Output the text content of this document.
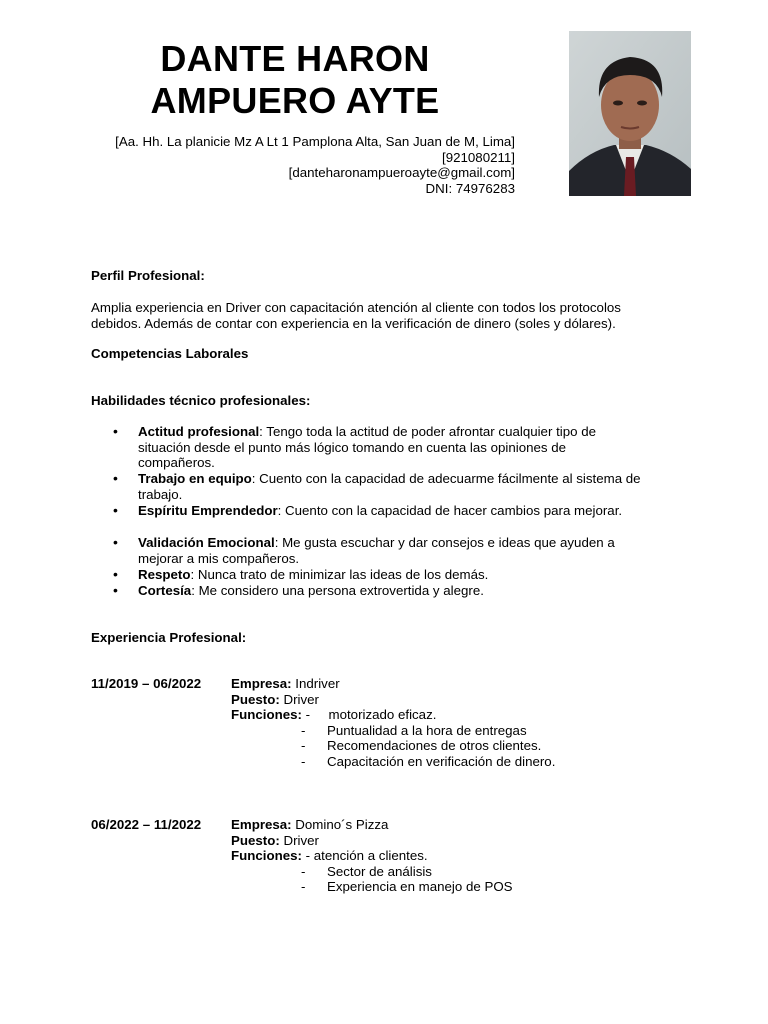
DANTE HARON
AMPUERO AYTE
[Aa. Hh. La planicie Mz A Lt 1 Pamplona Alta, San Juan de M, Lima]
[921080211]
[danteharonampueroayte@gmail.com]
DNI: 74976283
Perfil Profesional:
Amplia experiencia en Driver con capacitación atención al cliente con todos los protocolos
debidos. Además de contar con experiencia en la verificación de dinero (soles y dólares).
Competencias Laborales
Habilidades técnico profesionales:
• Actitud profesional: Tengo toda la actitud de poder afrontar cualquier tipo de
situación desde el punto más lógico tomando en cuenta las opiniones de
compañeros.
• Trabajo en equipo: Cuento con la capacidad de adecuarme fácilmente al sistema de
trabajo.
• Espíritu Emprendedor: Cuento con la capacidad de hacer cambios para mejorar.
• Validación Emocional: Me gusta escuchar y dar consejos e ideas que ayuden a
mejorar a mis compañeros.
• Respeto: Nunca trato de minimizar las ideas de los demás.
• Cortesía: Me considero una persona extrovertida y alegre.
Experiencia Profesional:
11/2019 – 06/2022 Empresa: Indriver
Puesto: Driver
Funciones: -     motorizado eficaz.
- Puntualidad a la hora de entregas
- Recomendaciones de otros clientes.
- Capacitación en verificación de dinero.
06/2022 – 11/2022 Empresa: Domino´s Pizza
Puesto: Driver
Funciones: - atención a clientes.
- Sector de análisis
- Experiencia en manejo de POS
